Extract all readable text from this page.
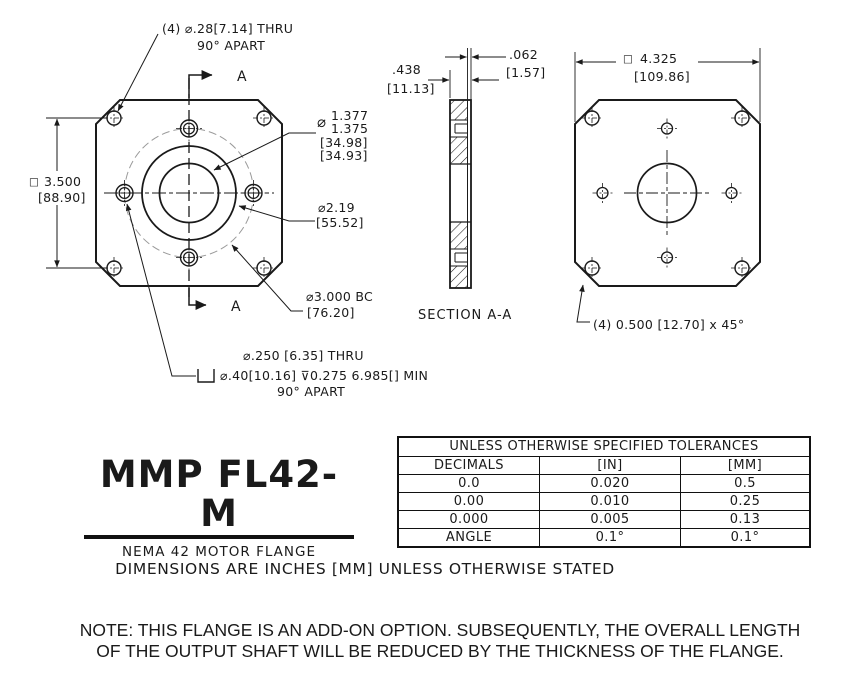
A
A
□ 3.500
[88.90]
(4) ⌀.28[7.14] THRU
90° APART
⌀ 1.377
1.375
[34.98]
[34.93]
⌀2.19
[55.52]
⌀3.000 BC
[76.20]
⌀.250 [6.35] THRU
⌀.40[10.16] ⊽0.275 6.985[] MIN
90° APART
.062
[1.57]
.438
[11.13]
SECTION A-A
□ 4.325
[109.86]
(4) 0.500 [12.70] x 45°
MMP FL42-M
NEMA 42 MOTOR FLANGE
UNLESS OTHERWISE SPECIFIED TOLERANCES		
DECIMALS	[IN]	[MM]
0.0	0.020	0.5
0.00	0.010	0.25
0.000	0.005	0.13
ANGLE	0.1°	0.1°
DIMENSIONS ARE INCHES [MM] UNLESS OTHERWISE STATED
NOTE: THIS FLANGE IS AN ADD-ON OPTION. SUBSEQUENTLY, THE OVERALL LENGTH
OF THE OUTPUT SHAFT WILL BE REDUCED BY THE THICKNESS OF THE FLANGE.
